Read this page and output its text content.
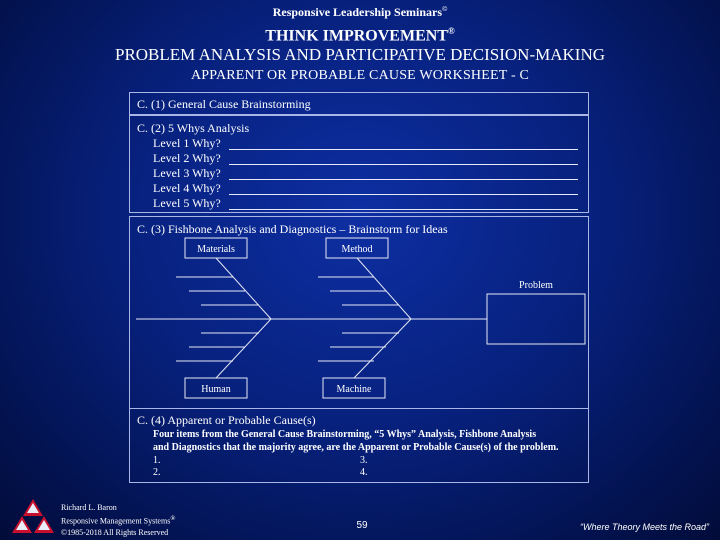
Responsive Leadership Seminars©
THINK IMPROVEMENT®
PROBLEM ANALYSIS AND PARTICIPATIVE DECISION-MAKING
APPARENT OR PROBABLE CAUSE WORKSHEET - C
C. (1) General Cause Brainstorming
C. (2) 5 Whys Analysis
Level 1 Why?
Level 2 Why?
Level 3 Why?
Level 4 Why?
Level 5 Why?
C. (3) Fishbone Analysis and Diagnostics – Brainstorm for Ideas
Materials	Method
Human	Machine
Problem
C. (4) Apparent or Probable Cause(s)
Four items from the General Cause Brainstorming, “5 Whys” Analysis, Fishbone Analysis
and Diagnostics that the majority agree, are the Apparent or Probable Cause(s) of the problem.
1.
2.
3.
4.
Richard L. Baron
Responsive Management Systems®
©1985-2018 All Rights Reserved
59	“Where Theory Meets the Road”
